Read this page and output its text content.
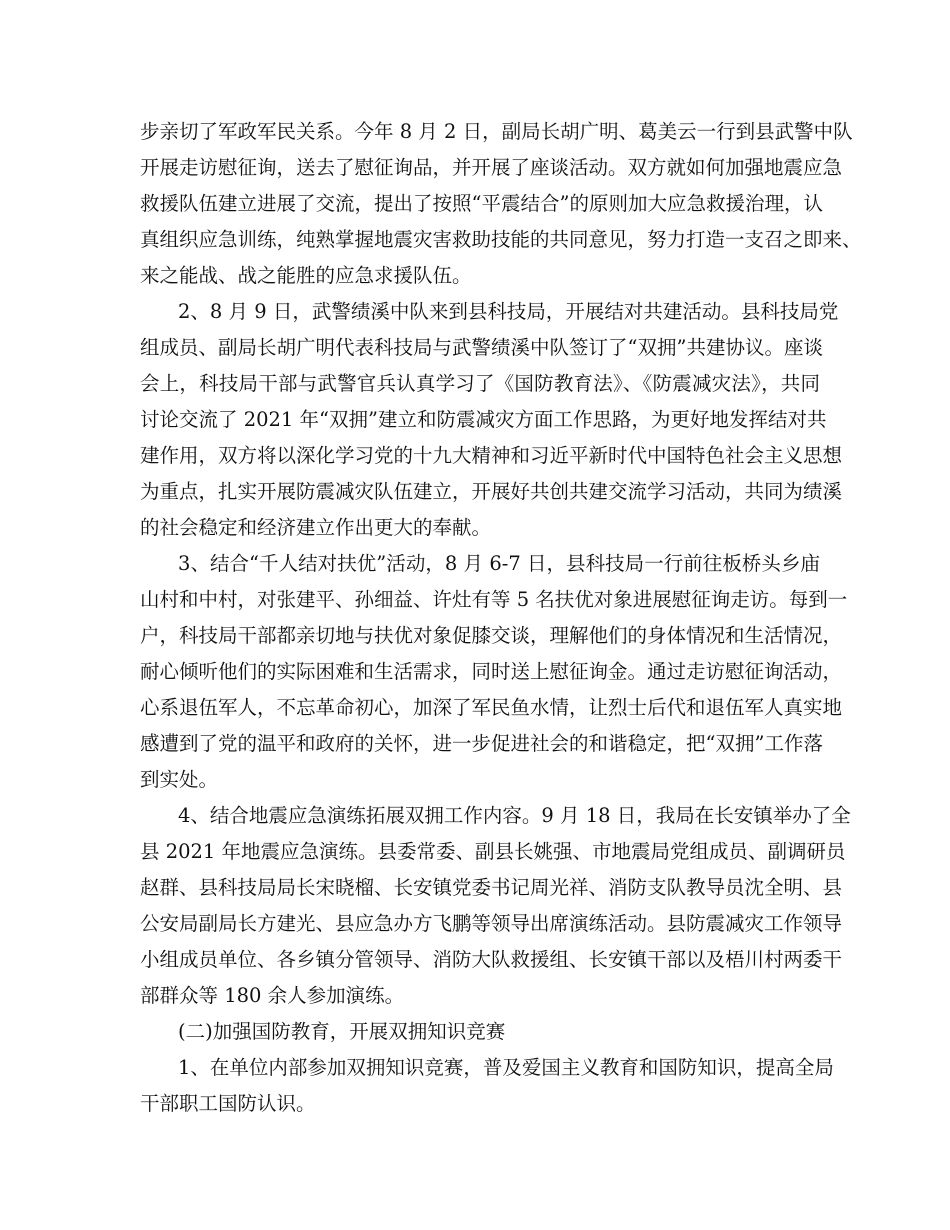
步亲切了军政军民关系。今年 8 月 2 日，副局长胡广明、葛美云一行到县武警中队
开展走访慰征询，送去了慰征询品，并开展了座谈活动。双方就如何加强地震应急
救援队伍建立进展了交流，提出了按照“平震结合”的原则加大应急救援治理，认
真组织应急训练，纯熟掌握地震灾害救助技能的共同意见，努力打造一支召之即来、
来之能战、战之能胜的应急求援队伍。
2、8 月 9 日，武警绩溪中队来到县科技局，开展结对共建活动。县科技局党
组成员、副局长胡广明代表科技局与武警绩溪中队签订了“双拥”共建协议。座谈
会上，科技局干部与武警官兵认真学习了《国防教育法》、《防震减灾法》，共同
讨论交流了 2021 年“双拥”建立和防震减灾方面工作思路，为更好地发挥结对共
建作用，双方将以深化学习党的十九大精神和习近平新时代中国特色社会主义思想
为重点，扎实开展防震减灾队伍建立，开展好共创共建交流学习活动，共同为绩溪
的社会稳定和经济建立作出更大的奉献。
3、结合“千人结对扶优”活动，8 月 6-7 日，县科技局一行前往板桥头乡庙
山村和中村，对张建平、孙细益、许灶有等 5 名扶优对象进展慰征询走访。每到一
户，科技局干部都亲切地与扶优对象促膝交谈，理解他们的身体情况和生活情况，
耐心倾听他们的实际困难和生活需求，同时送上慰征询金。通过走访慰征询活动，
心系退伍军人，不忘革命初心，加深了军民鱼水情，让烈士后代和退伍军人真实地
感遭到了党的温平和政府的关怀，进一步促进社会的和谐稳定，把“双拥”工作落
到实处。
4、结合地震应急演练拓展双拥工作内容。9 月 18 日，我局在长安镇举办了全
县 2021 年地震应急演练。县委常委、副县长姚强、市地震局党组成员、副调研员
赵群、县科技局局长宋晓榴、长安镇党委书记周光祥、消防支队教导员沈全明、县
公安局副局长方建光、县应急办方飞鹏等领导出席演练活动。县防震减灾工作领导
小组成员单位、各乡镇分管领导、消防大队救援组、长安镇干部以及梧川村两委干
部群众等 180 余人参加演练。
(二)加强国防教育，开展双拥知识竞赛
1、在单位内部参加双拥知识竞赛，普及爱国主义教育和国防知识，提高全局
干部职工国防认识。
